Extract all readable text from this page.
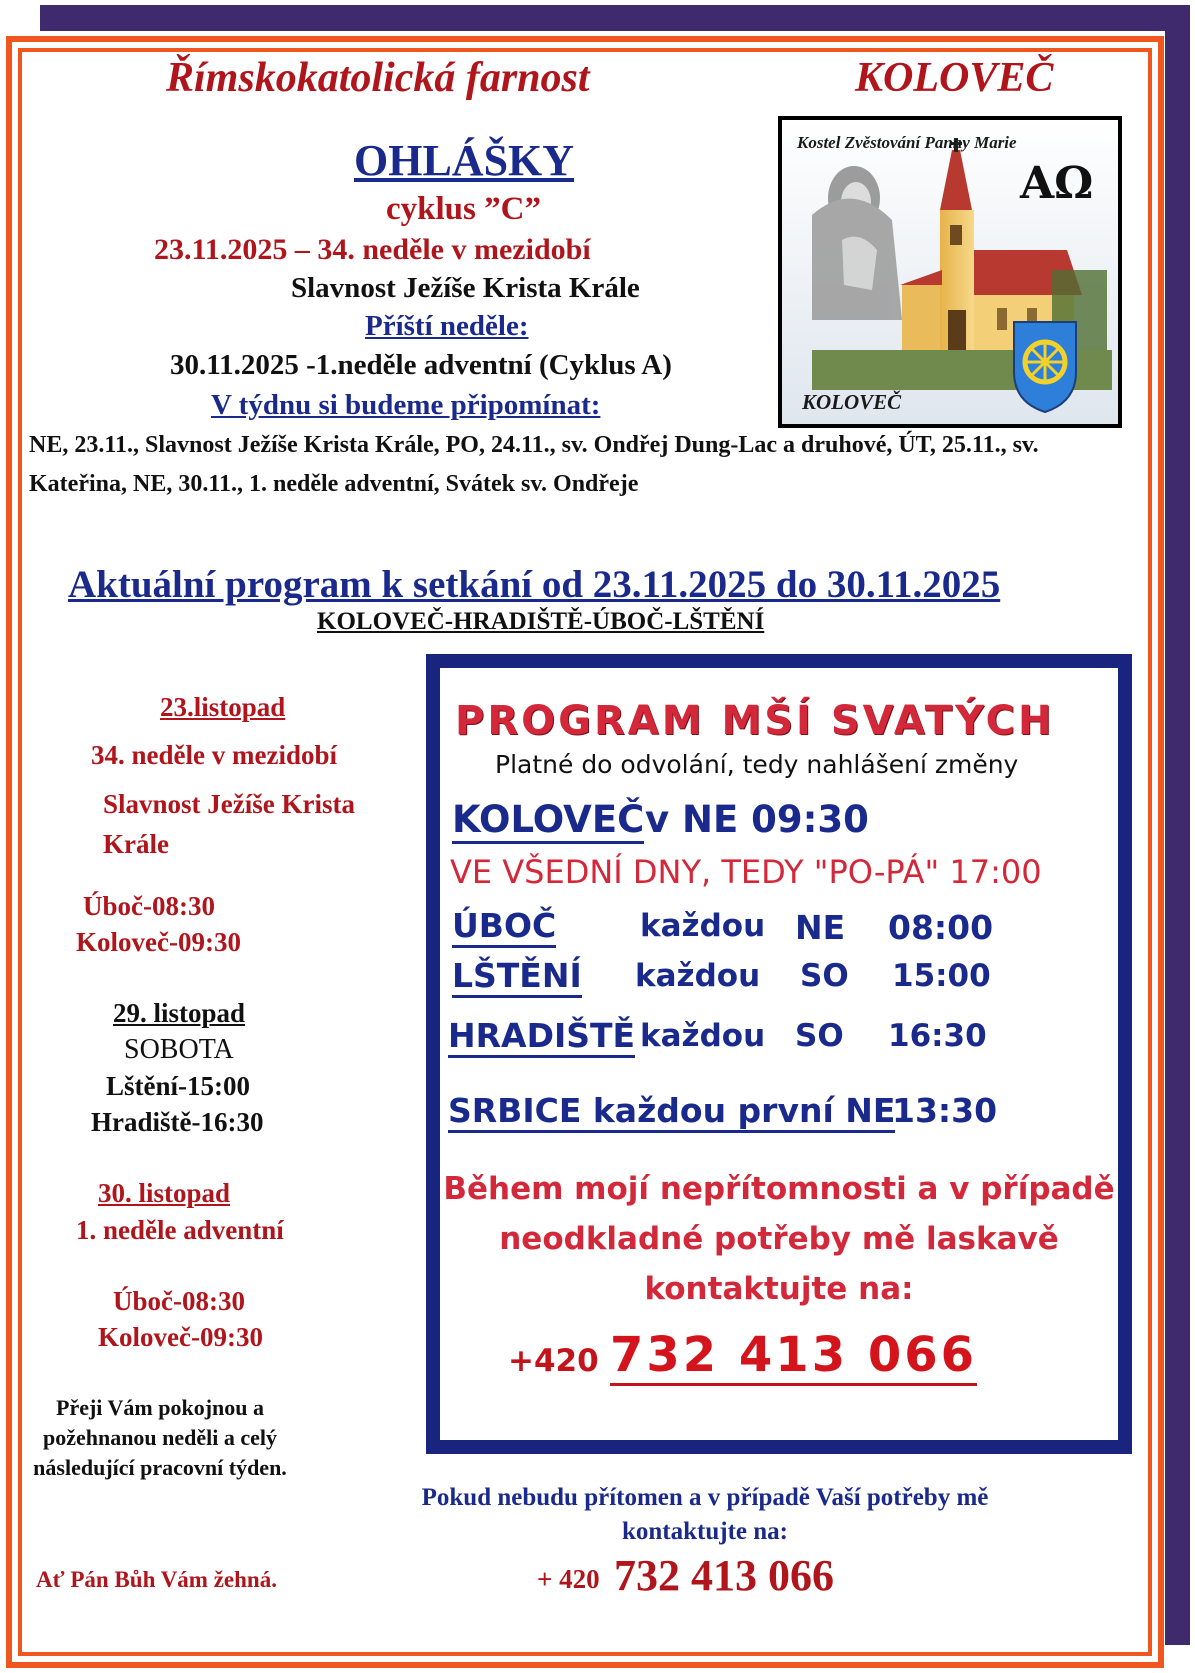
Římskokatolická farnost	KOLOVEČ
OHLÁŠKY
cyklus ”C”
23.11.2025 – 34. neděle v mezidobí
Slavnost Ježíše Krista Krále
Příští neděle:
30.11.2025 -1.neděle adventní (Cyklus A)
V týdnu si budeme připomínat:
NE, 23.11., Slavnost Ježíše Krista Krále, PO, 24.11., sv. Ondřej Dung-Lac a druhové, ÚT, 25.11., sv. Kateřina, NE, 30.11., 1. neděle adventní, Svátek sv. Ondřeje
AΩ
Kostel Zvěstování Panny Marie
KOLOVEČ
Aktuální program k setkání od 23.11.2025 do 30.11.2025
KOLOVEČ-HRADIŠTĚ-ÚBOČ-LŠTĚNÍ
23.listopad
34. neděle v mezidobí
Slavnost Ježíše Krista
Krále
Úboč-08:30
Koloveč-09:30
29. listopad
SOBOTA
Lštění-15:00
Hradiště-16:30
30. listopad
1. neděle adventní
Úboč-08:30
Koloveč-09:30
Přeji Vám pokojnou a požehnanou neděli a celý následující pracovní týden.
Ať Pán Bůh Vám žehná.
PROGRAM MŠÍ SVATÝCH
Platné do odvolání, tedy nahlášení změny
KOLOVEČ v NE 09:30
VE VŠEDNÍ DNY, TEDY "PO-PÁ" 17:00
ÚBOČ	každou NE 08:00
LŠTĚNÍ každou SO 15:00
HRADIŠTĚ každou SO 16:30
SRBICE každou první NE
13:30
Během mojí nepřítomnosti a v případě neodkladné potřeby mě laskavě kontaktujte na:
+420 732 413 066
Pokud nebudu přítomen a v případě Vaší potřeby mě kontaktujte na:
+ 420 732 413 066
